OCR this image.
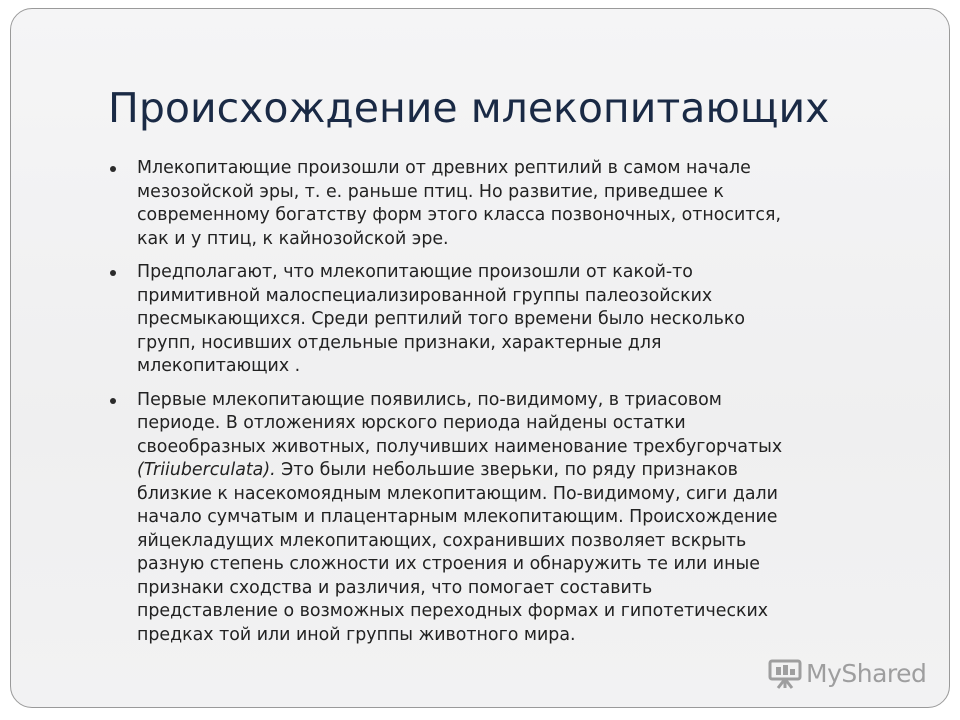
Происхождение млекопитающих
Млекопитающие произошли от древних рептилий в самом начале
мезозойской эры, т. е. раньше птиц. Но развитие, приведшее к
современному богатству форм этого класса позвоночных, относится,
как и у птиц, к кайнозойской эре.
Предполагают, что млекопитающие произошли от какой-то
примитивной малоспециализированной группы палеозойских
пресмыкающихся. Среди рептилий того времени было несколько
групп, носивших отдельные признаки, характерные для
млекопитающих .
Первые млекопитающие появились, по-видимому, в триасовом
периоде. В отложениях юрского периода найдены остатки
своеобразных животных, получивших наименование трехбугорчатых
(Triiuberculata). Это были небольшие зверьки, по ряду признаков
близкие к насекомоядным млекопитающим. По-видимому, сиги дали
начало сумчатым и плацентарным млекопитающим. Происхождение
яйцекладущих млекопитающих, сохранивших позволяет вскрыть
разную степень сложности их строения и обнаружить те или иные
признаки сходства и различия, что помогает составить
представление о возможных переходных формах и гипотетических
предках той или иной группы животного мира.
MyShared
